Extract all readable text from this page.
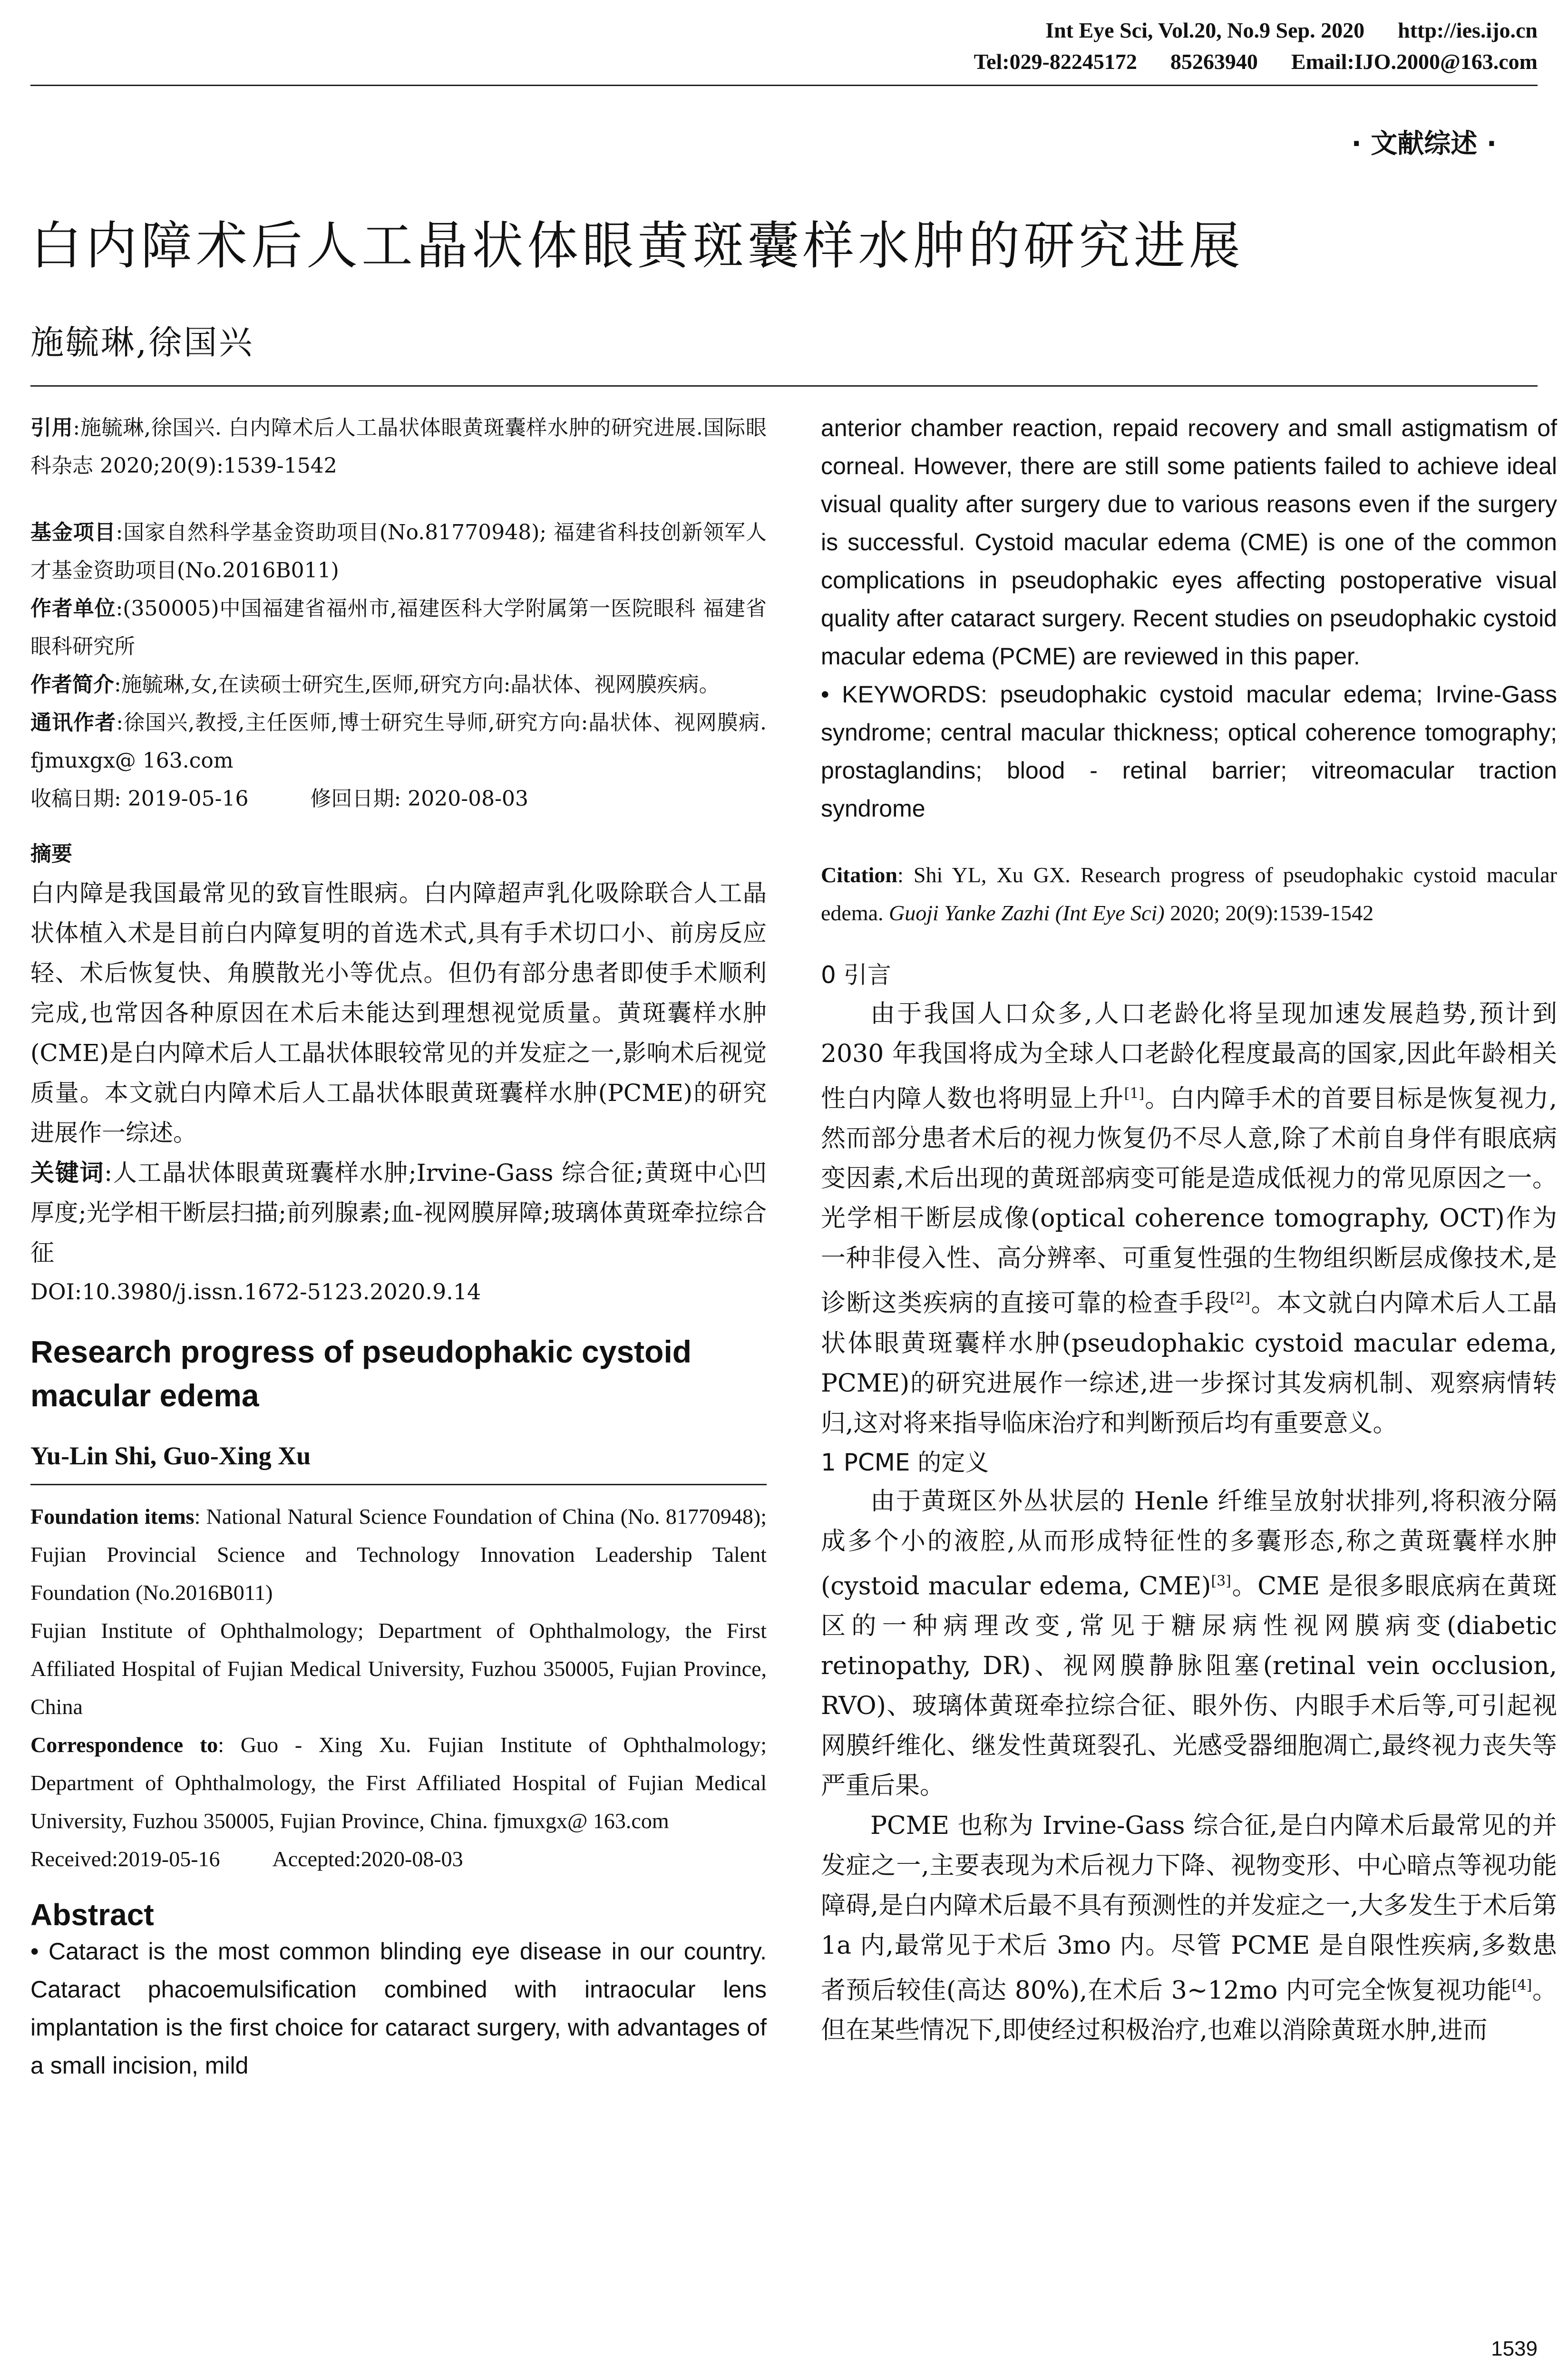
Int Eye Sci, Vol.20, No.9 Sep. 2020 http://ies.ijo.cn
Tel:029-82245172 85263940 Email:IJO.2000@163.com
· 文献综述 ·
白内障术后人工晶状体眼黄斑囊样水肿的研究进展
施毓琳,徐国兴

引用:施毓琳,徐国兴. 白内障术后人工晶状体眼黄斑囊样水肿的研究进展.国际眼科杂志 2020;20(9):1539-1542

基金项目:国家自然科学基金资助项目(No.81770948); 福建省科技创新领军人才基金资助项目(No.2016B011)

作者单位:(350005)中国福建省福州市,福建医科大学附属第一医院眼科 福建省眼科研究所

作者简介:施毓琳,女,在读硕士研究生,医师,研究方向:晶状体、视网膜疾病。

通讯作者:徐国兴,教授,主任医师,博士研究生导师,研究方向:晶状体、视网膜病. fjmuxgx@ 163.com

收稿日期: 2019-05-16	修回日期: 2020-08-03

摘要

白内障是我国最常见的致盲性眼病。白内障超声乳化吸除联合人工晶状体植入术是目前白内障复明的首选术式,具有手术切口小、前房反应轻、术后恢复快、角膜散光小等优点。但仍有部分患者即使手术顺利完成,也常因各种原因在术后未能达到理想视觉质量。黄斑囊样水肿(CME)是白内障术后人工晶状体眼较常见的并发症之一,影响术后视觉质量。本文就白内障术后人工晶状体眼黄斑囊样水肿(PCME)的研究进展作一综述。

关键词:人工晶状体眼黄斑囊样水肿;Irvine-Gass 综合征;黄斑中心凹厚度;光学相干断层扫描;前列腺素;血-视网膜屏障;玻璃体黄斑牵拉综合征

DOI:10.3980/j.issn.1672-5123.2020.9.14

Research progress of pseudophakic cystoid macular edema

Yu-Lin Shi, Guo-Xing Xu

Foundation items: National Natural Science Foundation of China (No. 81770948); Fujian Provincial Science and Technology Innovation Leadership Talent Foundation (No.2016B011)

Fujian Institute of Ophthalmology; Department of Ophthalmology, the First Affiliated Hospital of Fujian Medical University, Fuzhou 350005, Fujian Province, China

Correspondence to: Guo - Xing Xu. Fujian Institute of Ophthalmology; Department of Ophthalmology, the First Affiliated Hospital of Fujian Medical University, Fuzhou 350005, Fujian Province, China. fjmuxgx@ 163.com

Received:2019-05-16 Accepted:2020-08-03

Abstract

• Cataract is the most common blinding eye disease in our country. Cataract phacoemulsification combined with intraocular lens implantation is the first choice for cataract surgery, with advantages of a small incision, mild

anterior chamber reaction, repaid recovery and small astigmatism of corneal. However, there are still some patients failed to achieve ideal visual quality after surgery due to various reasons even if the surgery is successful. Cystoid macular edema (CME) is one of the common complications in pseudophakic eyes affecting postoperative visual quality after cataract surgery. Recent studies on pseudophakic cystoid macular edema (PCME) are reviewed in this paper.

• KEYWORDS: pseudophakic cystoid macular edema; Irvine-Gass syndrome; central macular thickness; optical coherence tomography; prostaglandins; blood - retinal barrier; vitreomacular traction syndrome

Citation: Shi YL, Xu GX. Research progress of pseudophakic cystoid macular edema. Guoji Yanke Zazhi (Int Eye Sci) 2020; 20(9):1539-1542

0 引言

由于我国人口众多,人口老龄化将呈现加速发展趋势,预计到 2030 年我国将成为全球人口老龄化程度最高的国家,因此年龄相关性白内障人数也将明显上升[1]。白内障手术的首要目标是恢复视力,然而部分患者术后的视力恢复仍不尽人意,除了术前自身伴有眼底病变因素,术后出现的黄斑部病变可能是造成低视力的常见原因之一。光学相干断层成像(optical coherence tomography, OCT)作为一种非侵入性、高分辨率、可重复性强的生物组织断层成像技术,是诊断这类疾病的直接可靠的检查手段[2]。本文就白内障术后人工晶状体眼黄斑囊样水肿(pseudophakic cystoid macular edema, PCME)的研究进展作一综述,进一步探讨其发病机制、观察病情转归,这对将来指导临床治疗和判断预后均有重要意义。

1 PCME 的定义

由于黄斑区外丛状层的 Henle 纤维呈放射状排列,将积液分隔成多个小的液腔,从而形成特征性的多囊形态,称之黄斑囊样水肿(cystoid macular edema, CME)[3]。CME 是很多眼底病在黄斑区的一种病理改变,常见于糖尿病性视网膜病变(diabetic retinopathy, DR)、视网膜静脉阻塞(retinal vein occlusion, RVO)、玻璃体黄斑牵拉综合征、眼外伤、内眼手术后等,可引起视网膜纤维化、继发性黄斑裂孔、光感受器细胞凋亡,最终视力丧失等严重后果。

PCME 也称为 Irvine-Gass 综合征,是白内障术后最常见的并发症之一,主要表现为术后视力下降、视物变形、中心暗点等视功能障碍,是白内障术后最不具有预测性的并发症之一,大多发生于术后第 1a 内,最常见于术后 3mo 内。尽管 PCME 是自限性疾病,多数患者预后较佳(高达 80%),在术后 3~12mo 内可完全恢复视功能[4]。但在某些情况下,即使经过积极治疗,也难以消除黄斑水肿,进而

1539
